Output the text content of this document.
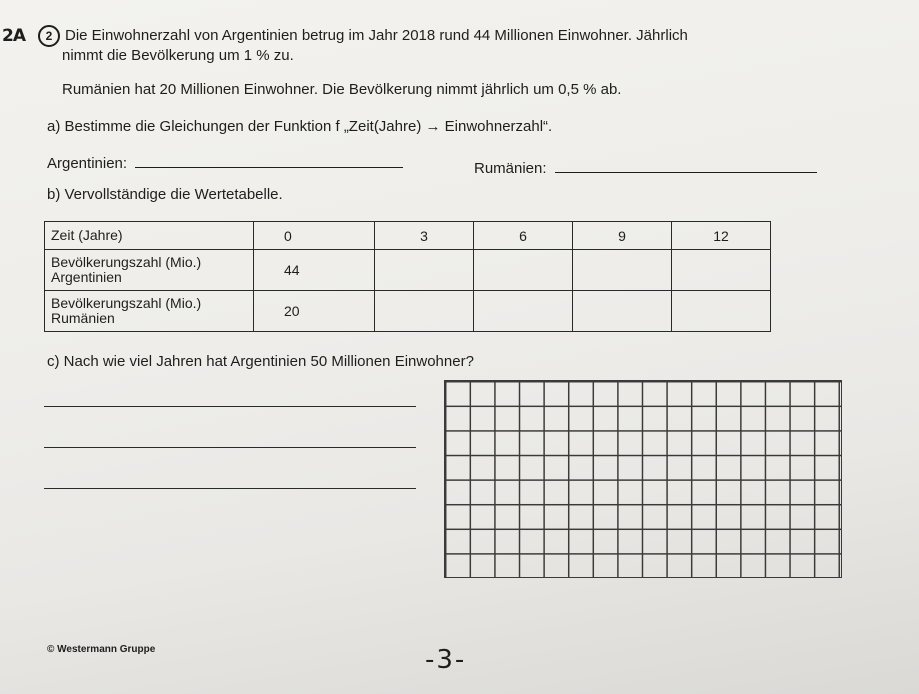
2A	2 Die Einwohnerzahl von Argentinien betrug im Jahr 2018 rund 44 Millionen Einwohner. Jährlich
nimmt die Bevölkerung um 1 % zu.
Rumänien hat 20 Millionen Einwohner. Die Bevölkerung nimmt jährlich um 0,5 % ab.
a) Bestimme die Gleichungen der Funktion f „Zeit(Jahre) → Einwohnerzahl“.
Argentinien:	Rumänien:
b) Vervollständige die Wertetabelle.
Zeit (Jahre)	0	3	6	9	12

Bevölkerungszahl (Mio.)
Argentinien	44				

Bevölkerungszahl (Mio.)
Rumänien	20				
c) Nach wie viel Jahren hat Argentinien 50 Millionen Einwohner?
© Westermann Gruppe	-3-
